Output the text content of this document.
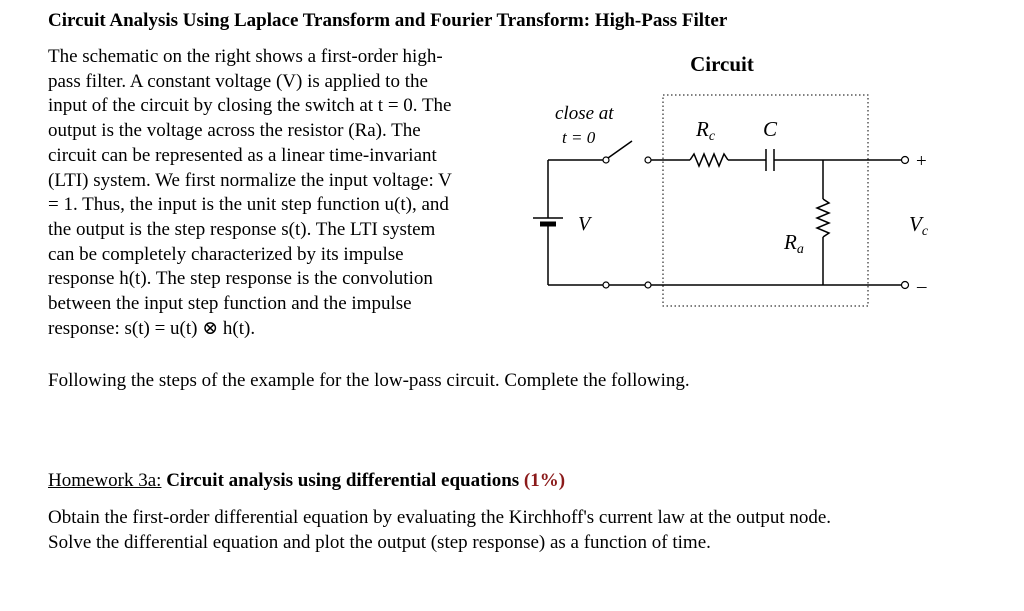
Circuit Analysis Using Laplace Transform and Fourier Transform: High-Pass Filter
The schematic on the right shows a first-order high-
pass filter. A constant voltage (V) is applied to the
input of the circuit by closing the switch at t = 0. The
output is the voltage across the resistor (Ra). The
circuit can be represented as a linear time-invariant
(LTI) system. We first normalize the input voltage: V
= 1. Thus, the input is the unit step function u(t), and
the output is the step response s(t). The LTI system
can be completely characterized by its impulse
response h(t). The step response is the convolution
between the input step function and the impulse
response: s(t) = u(t) ⊗ h(t).
Circuit
close at
t = 0
V
Rc C
+
Ra
–
Vc
Following the steps of the example for the low-pass circuit. Complete the following.
Homework 3a: Circuit analysis using differential equations (1%)
Obtain the first-order differential equation by evaluating the Kirchhoff's current law at the output node.
Solve the differential equation and plot the output (step response) as a function of time.
